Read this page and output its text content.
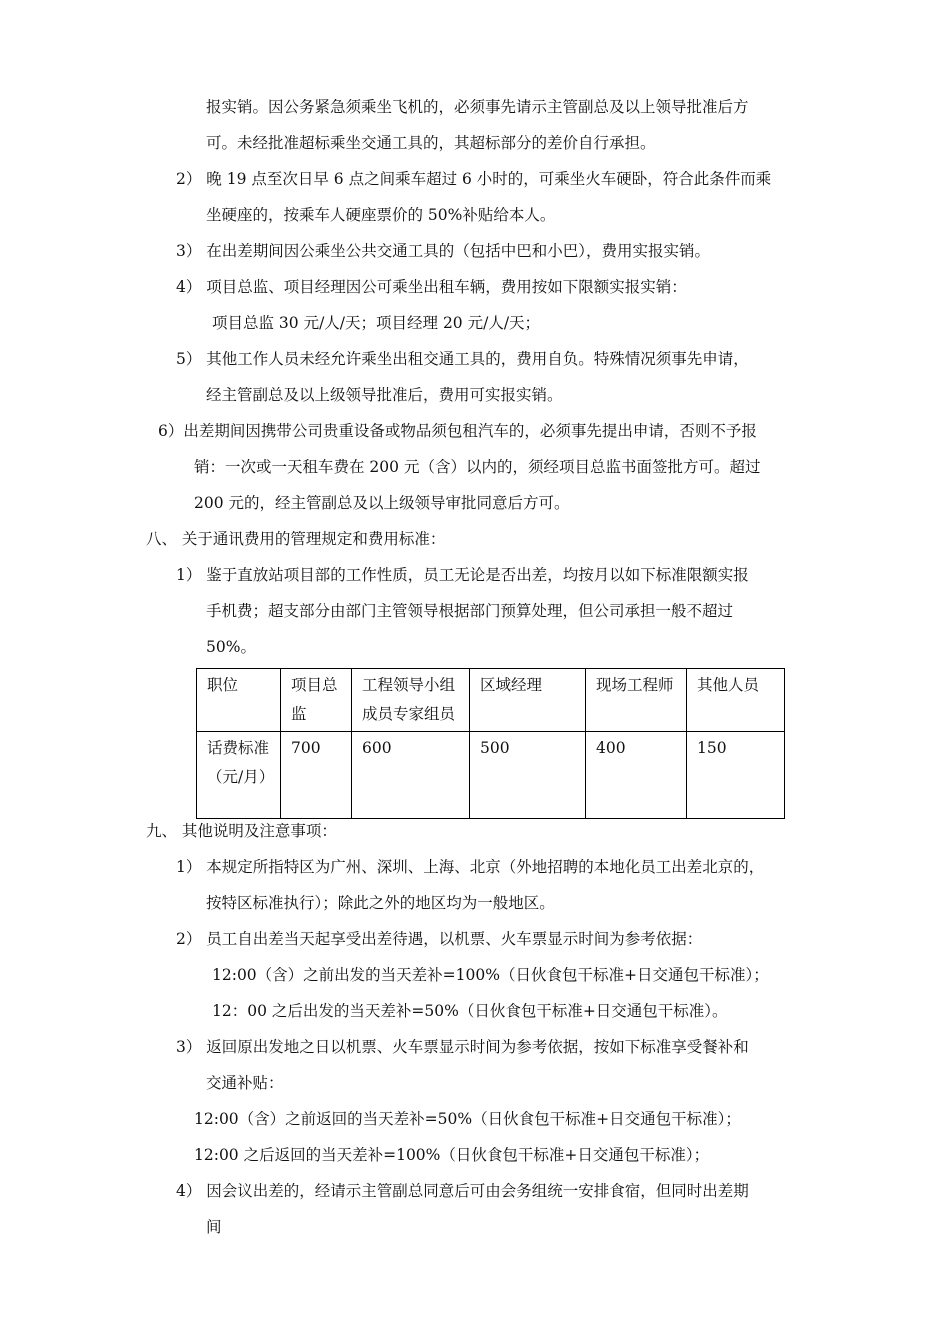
报实销。因公务紧急须乘坐飞机的，必须事先请示主管副总及以上领导批准后方
可。未经批准超标乘坐交通工具的，其超标部分的差价自行承担。
2） 晚 19 点至次日早 6 点之间乘车超过 6 小时的，可乘坐火车硬卧，符合此条件而乘
坐硬座的，按乘车人硬座票价的 50%补贴给本人。
3） 在出差期间因公乘坐公共交通工具的（包括中巴和小巴），费用实报实销。
4） 项目总监、项目经理因公可乘坐出租车辆，费用按如下限额实报实销：
项目总监 30 元/人/天；项目经理 20 元/人/天；
5） 其他工作人员未经允许乘坐出租交通工具的，费用自负。特殊情况须事先申请，
经主管副总及以上级领导批准后，费用可实报实销。
6）出差期间因携带公司贵重设备或物品须包租汽车的，必须事先提出申请，否则不予报
销：一次或一天租车费在 200 元（含）以内的，须经项目总监书面签批方可。超过
200 元的，经主管副总及以上级领导审批同意后方可。
八、 关于通讯费用的管理规定和费用标准：
1） 鉴于直放站项目部的工作性质，员工无论是否出差，均按月以如下标准限额实报
手机费；超支部分由部门主管领导根据部门预算处理，但公司承担一般不超过
50%。
职位	项目总监	工程领导小组成员专家组员	区域经理	现场工程师	其他人员
话费标准（元/月）	700	600	500	400	150
九、 其他说明及注意事项：
1） 本规定所指特区为广州、深圳、上海、北京（外地招聘的本地化员工出差北京的，
按特区标准执行）；除此之外的地区均为一般地区。
2） 员工自出差当天起享受出差待遇，以机票、火车票显示时间为参考依据：
12:00（含）之前出发的当天差补=100%（日伙食包干标准+日交通包干标准）；
12：00 之后出发的当天差补=50%（日伙食包干标准+日交通包干标准）。
3） 返回原出发地之日以机票、火车票显示时间为参考依据，按如下标准享受餐补和
交通补贴：
12:00（含）之前返回的当天差补=50%（日伙食包干标准+日交通包干标准）；
12:00 之后返回的当天差补=100%（日伙食包干标准+日交通包干标准）；
4） 因会议出差的，经请示主管副总同意后可由会务组统一安排食宿，但同时出差期
间
